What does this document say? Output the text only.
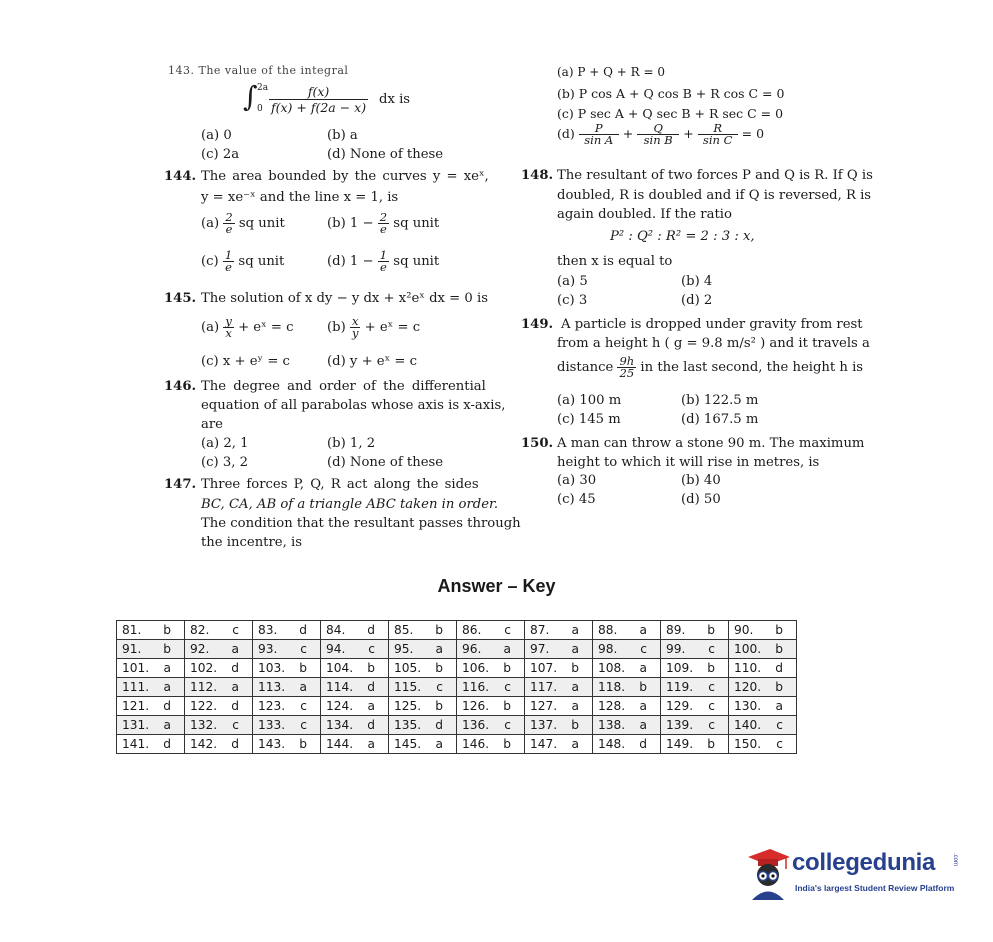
143. The value of the integral
∫ 2a
$0 \frac{f(x)}{f(x) + f(2a - x)}$ dx is
(a) 0	(b) a
(c) 2a	(d) None of these
144. The area bounded by the curves y = xeˣ,
y = xe⁻ˣ and the line x = 1, is
$(a) \frac{2}{e}$ sq unit	(b) $1 - \frac{2}{e}$ sq unit
$(c) \frac{1}{e}$ sq unit	(d) $1 - \frac{1}{e}$ sq unit
145. The solution of x dy − y dx + x²eˣ dx = 0 is
$(a) \frac{y}{x}$ + eˣ = c	$(b) \frac{x}{y}$ + eˣ = c
(c) x + eʸ = c	(d) y + eˣ = c
146. The degree and order of the differential
equation of all parabolas whose axis is x-axis,
are
(a) 2, 1	(b) 1, 2
(c) 3, 2	(d) None of these
147. Three forces P, Q, R act along the sides
BC, CA, AB of a triangle ABC taken in order.
The condition that the resultant passes through
the incentre, is
(a) P + Q + R = 0
(b) P cos A + Q cos B + R cos C = 0
(c) P sec A + Q sec B + R sec C = 0
$(d) \frac{P}{\text{sin A}} + \frac{Q}{\text{sin B}} + \frac{R}{\text{sin C}} = 0$
148. The resultant of two forces P and Q is R. If Q is
doubled, R is doubled and if Q is reversed, R is
again doubled. If the ratio
P² : Q² : R² = 2 : 3 : x,
then x is equal to
(a) 5	(b) 4
(c) 3	(d) 2
149. A particle is dropped under gravity from rest
from a height h ( g = 9.8 m/s² ) and it travels a
distance $\frac{9h}{25}$ in the last second, the height h is
(a) 100 m	(b) 122.5 m
(c) 145 m	(d) 167.5 m
150. A man can throw a stone 90 m. The maximum
height to which it will rise in metres, is
(a) 30	(b) 40
(c) 45	(d) 50
Answer – Key
81. b	82. c	83. d	84. d	85. b	86. c	87. a	88. a	89. b	90. b

91. b	92. a	93. c	94. c	95. a	96. a	97. a	98. c	99. c	100. b

101. a	102. d	103. b	104. b	105. b	106. b	107. b	108. a	109. b	110. d

111. a	112. a	113. a	114. d	115. c	116. c	117. a	118. b	119. c	120. b

121. d	122. d	123. c	124. a	125. b	126. b	127. a	128. a	129. c	130. a

131. a	132. c	133. c	134. d	135. d	136. c	137. b	138. a	139. c	140. c

141. d	142. d	143. b	144. a	145. a	146. b	147. a	148. d	149. b	150. c
collegedunia	.com
India's largest Student Review Platform
